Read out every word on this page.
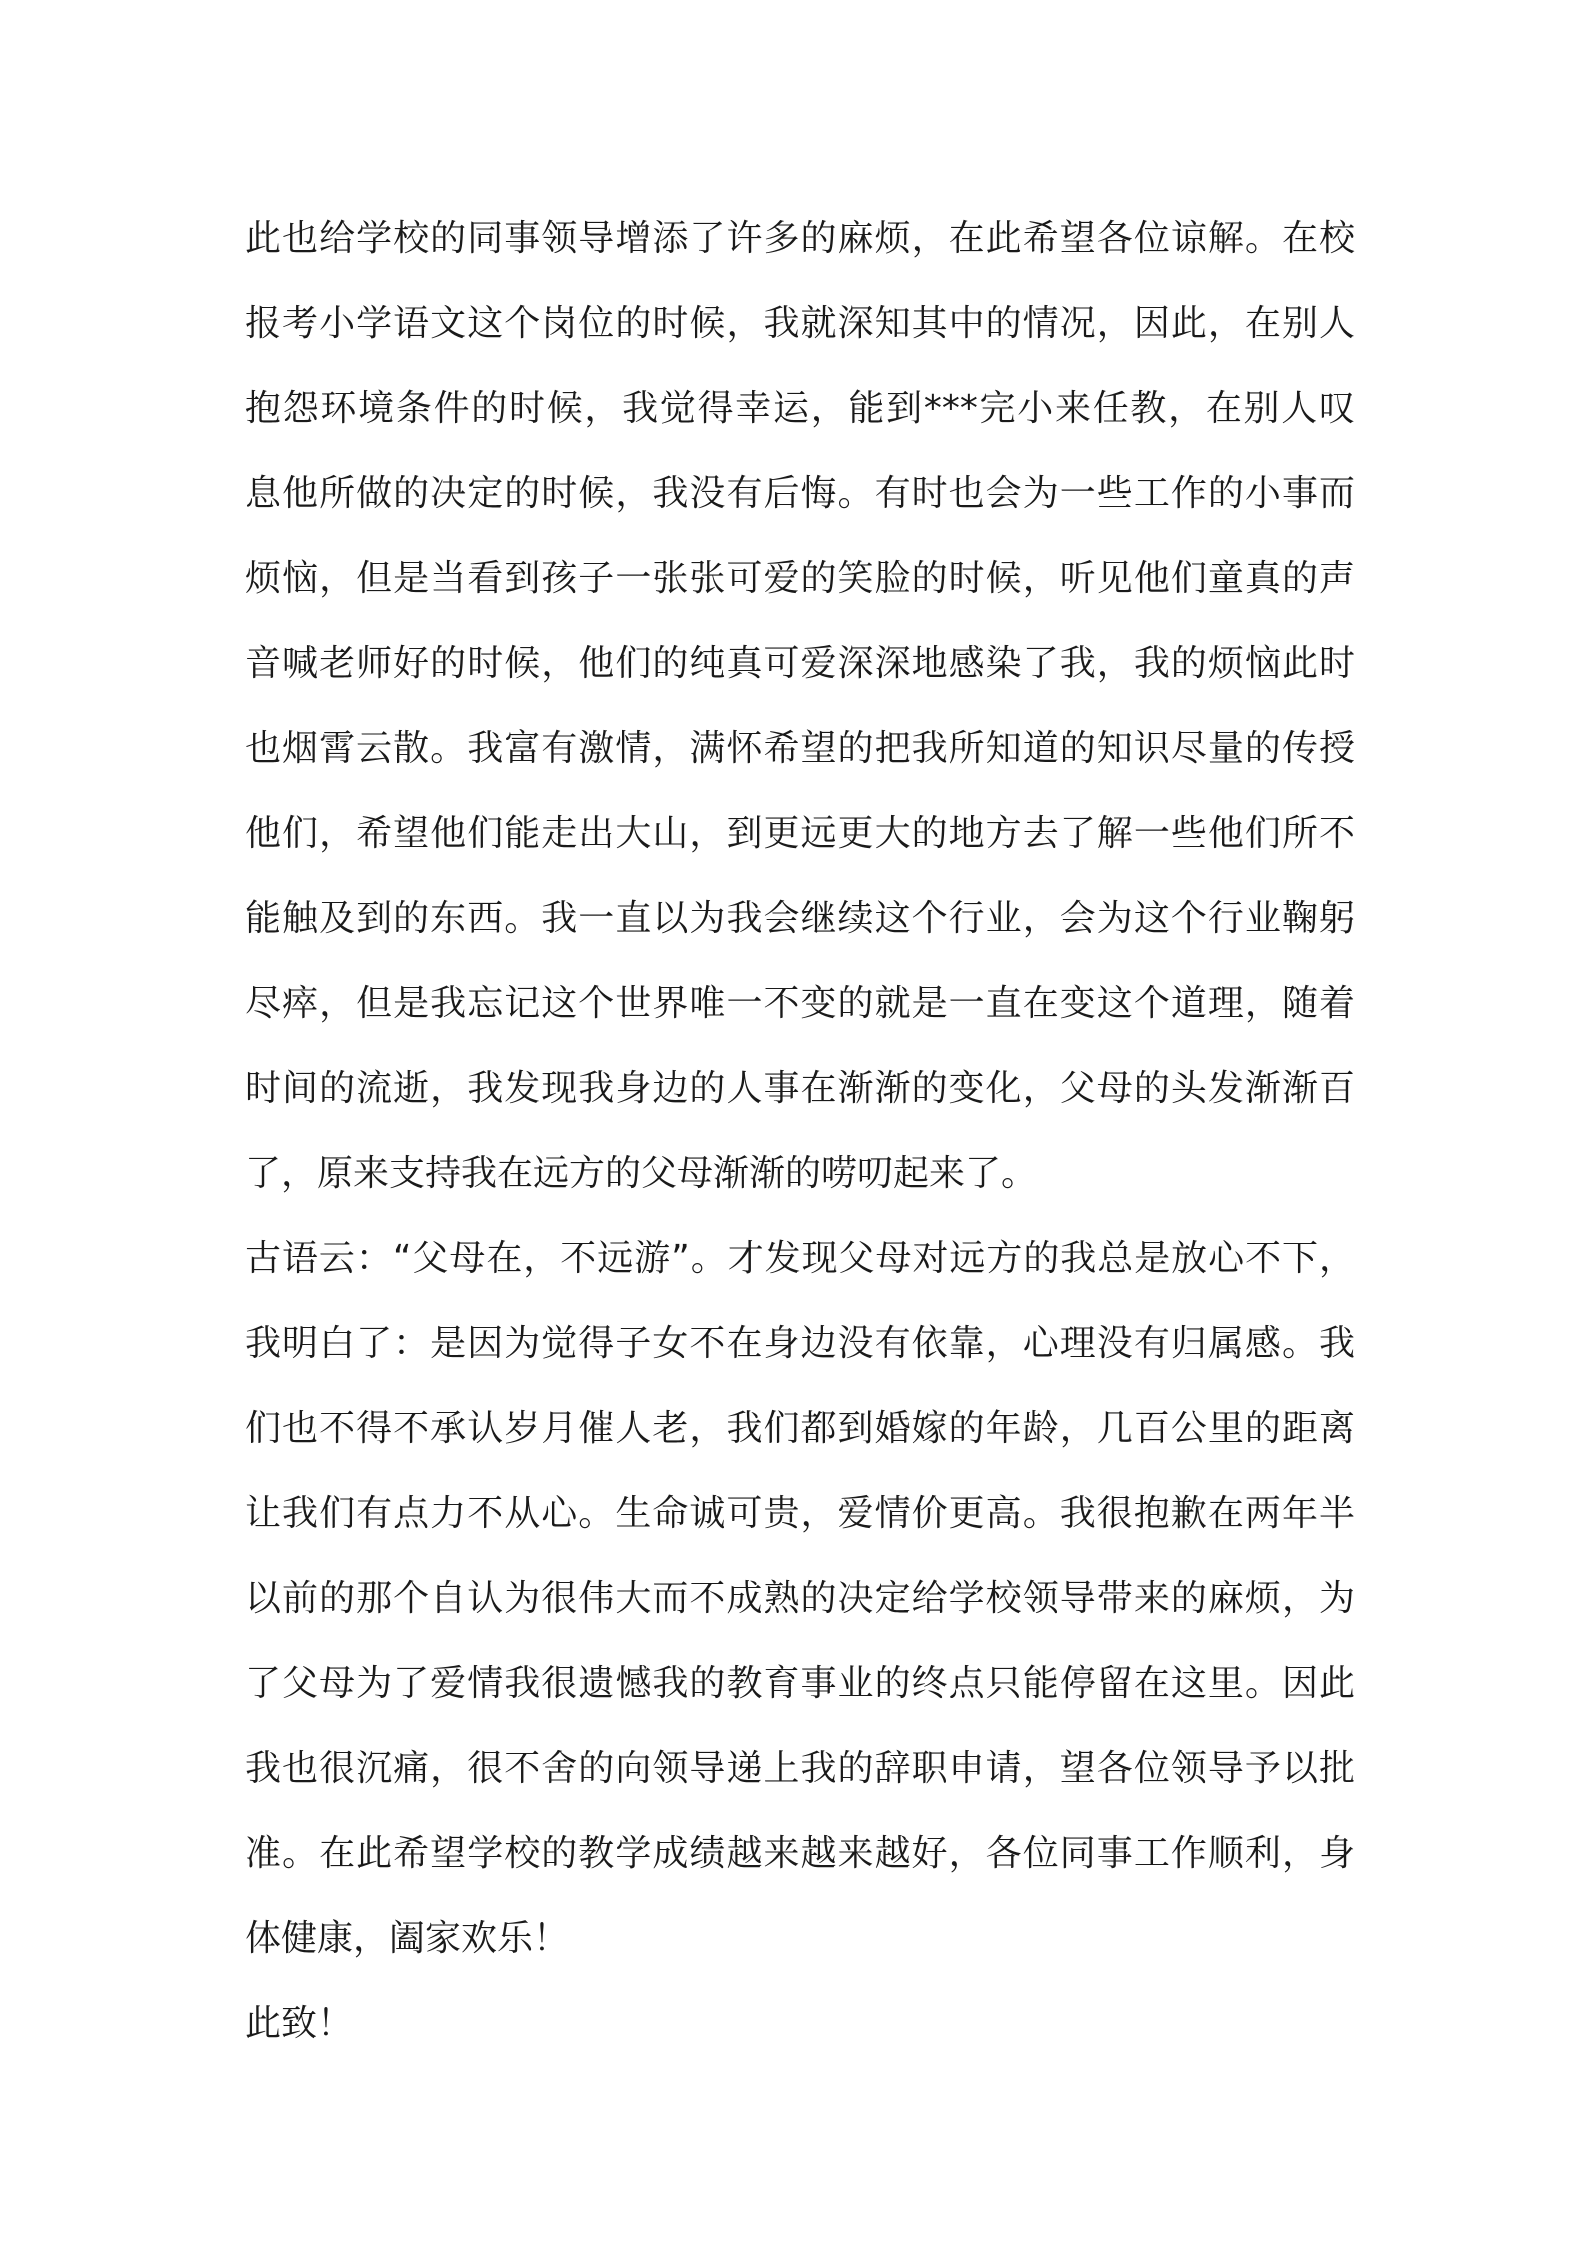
此也给学校的同事领导增添了许多的麻烦，在此希望各位谅解。在校
报考小学语文这个岗位的时候，我就深知其中的情况，因此，在别人
抱怨环境条件的时候，我觉得幸运，能到***完小来任教，在别人叹
息他所做的决定的时候，我没有后悔。有时也会为一些工作的小事而
烦恼，但是当看到孩子一张张可爱的笑脸的时候，听见他们童真的声
音喊老师好的时候，他们的纯真可爱深深地感染了我，我的烦恼此时
也烟霄云散。我富有激情，满怀希望的把我所知道的知识尽量的传授
他们，希望他们能走出大山，到更远更大的地方去了解一些他们所不
能触及到的东西。我一直以为我会继续这个行业，会为这个行业鞠躬
尽瘁，但是我忘记这个世界唯一不变的就是一直在变这个道理，随着
时间的流逝，我发现我身边的人事在渐渐的变化，父母的头发渐渐百
了，原来支持我在远方的父母渐渐的唠叨起来了。
古语云：“父母在，不远游”。才发现父母对远方的我总是放心不下，
我明白了：是因为觉得子女不在身边没有依靠，心理没有归属感。我
们也不得不承认岁月催人老，我们都到婚嫁的年龄，几百公里的距离
让我们有点力不从心。生命诚可贵，爱情价更高。我很抱歉在两年半
以前的那个自认为很伟大而不成熟的决定给学校领导带来的麻烦，为
了父母为了爱情我很遗憾我的教育事业的终点只能停留在这里。因此
我也很沉痛，很不舍的向领导递上我的辞职申请，望各位领导予以批
准。在此希望学校的教学成绩越来越来越好，各位同事工作顺利，身
体健康，阖家欢乐！
此致！
